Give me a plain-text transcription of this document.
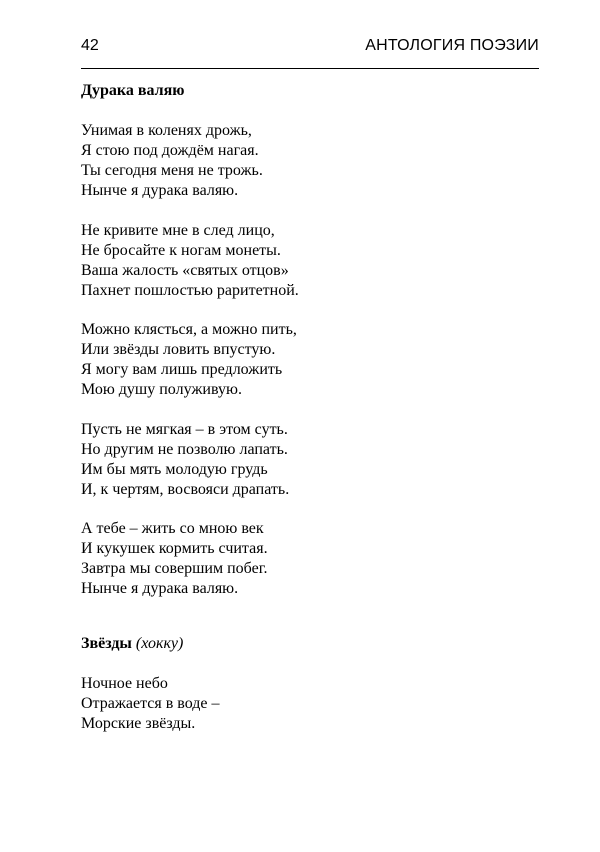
42	АНТОЛОГИЯ ПОЭЗИИ

Дурака валяю

Унимая в коленях дрожь,
Я стою под дождём нагая.
Ты сегодня меня не трожь.
Нынче я дурака валяю.
Не кривите мне в след лицо,
Не бросайте к ногам монеты.
Ваша жалость «святых отцов»
Пахнет пошлостью раритетной.
Можно клясться, а можно пить,
Или звёзды ловить впустую.
Я могу вам лишь предложить
Мою душу полуживую.
Пусть не мягкая – в этом суть.
Но другим не позволю лапать.
Им бы мять молодую грудь
И, к чертям, восвояси драпать.
А тебе – жить со мною век
И кукушек кормить считая.
Завтра мы совершим побег.
Нынче я дурака валяю.

Звёзды (хокку)

Ночное небо
Отражается в воде –
Морские звёзды.
